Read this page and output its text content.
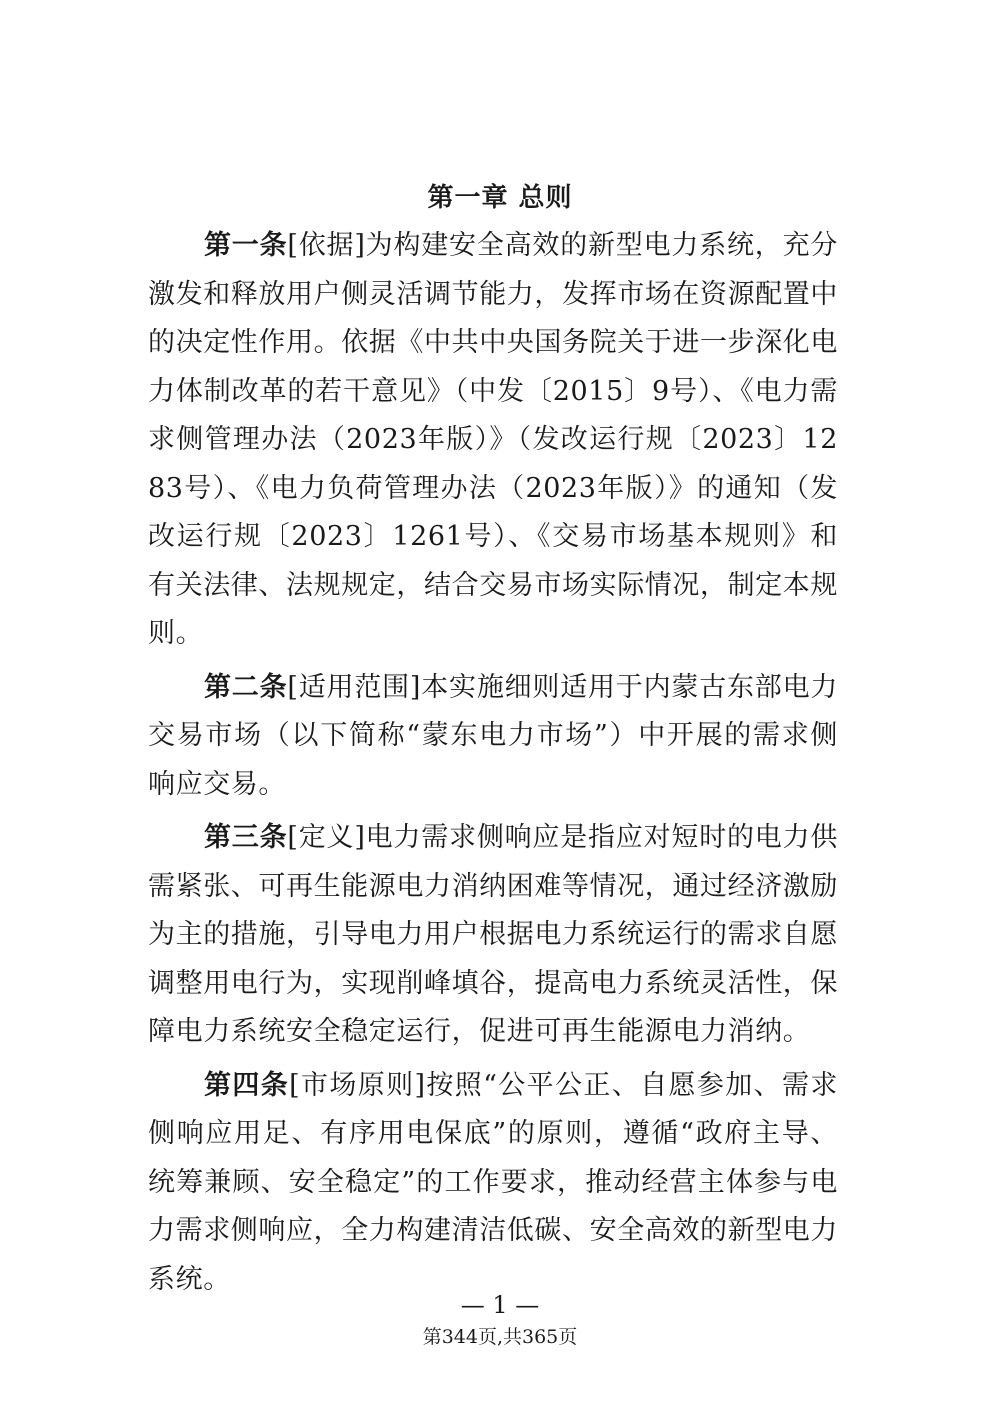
第一章 总则

第一条[依据]为构建安全高效的新型电力系统，充分激发和释放用户侧灵活调节能力，发挥市场在资源配置中的决定性作用。依据《中共中央国务院关于进一步深化电力体制改革的若干意见》（中发〔2015〕9号）、《电力需求侧管理办法（2023年版）》（发改运行规〔2023〕1283号）、《电力负荷管理办法（2023年版）》的通知（发改运行规〔2023〕1261号）、《交易市场基本规则》和有关法律、法规规定，结合交易市场实际情况，制定本规则。

第二条[适用范围]本实施细则适用于内蒙古东部电力交易市场（以下简称“蒙东电力市场”）中开展的需求侧响应交易。

第三条[定义]电力需求侧响应是指应对短时的电力供需紧张、可再生能源电力消纳困难等情况，通过经济激励为主的措施，引导电力用户根据电力系统运行的需求自愿调整用电行为，实现削峰填谷，提高电力系统灵活性，保障电力系统安全稳定运行，促进可再生能源电力消纳。

第四条[市场原则]按照“公平公正、自愿参加、需求侧响应用足、有序用电保底”的原则，遵循“政府主导、统筹兼顾、安全稳定”的工作要求，推动经营主体参与电力需求侧响应，全力构建清洁低碳、安全高效的新型电力系统。

— 1 —
第344页,共365页
